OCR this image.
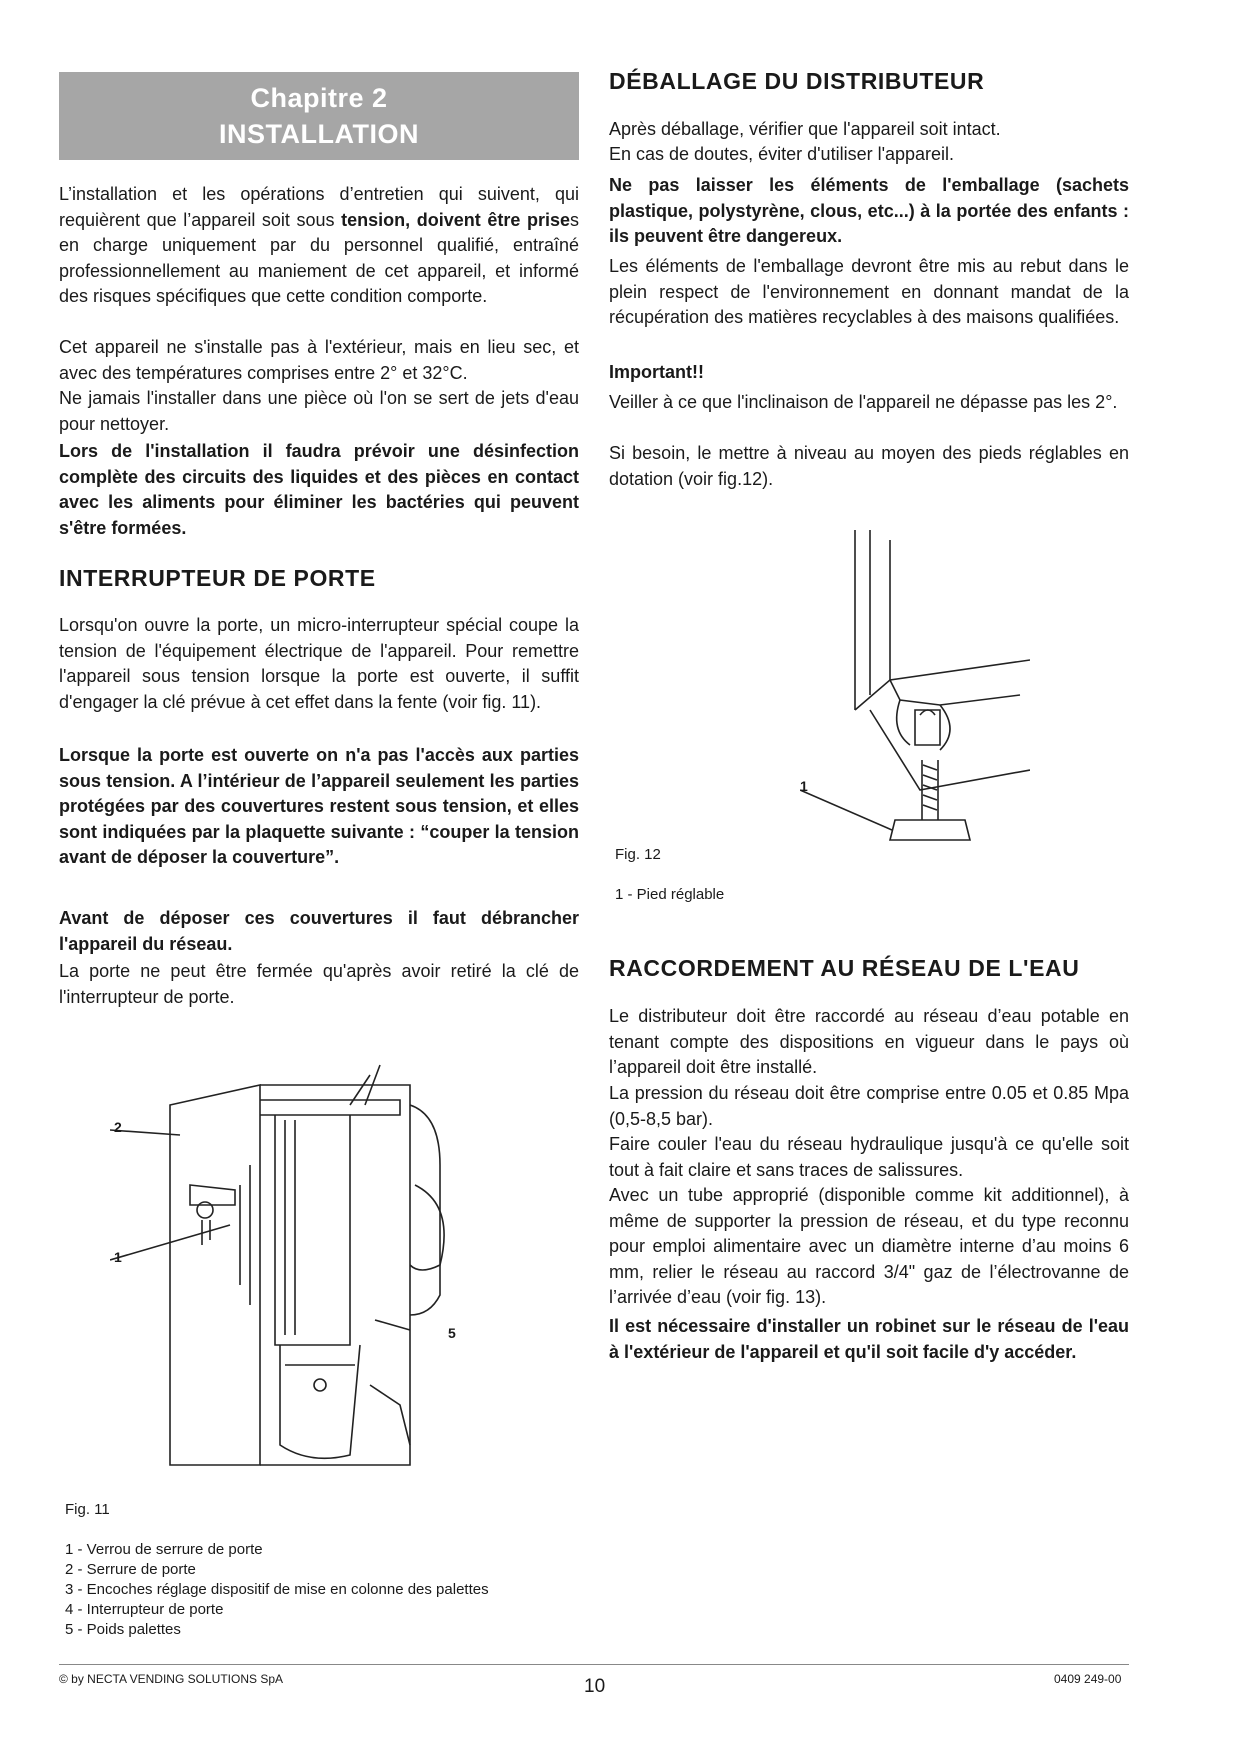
Chapitre 2
INSTALLATION

L’installation et les opérations d’entretien qui suivent, qui requièrent que l’appareil soit sous tension, doivent être prises en charge uniquement par du personnel qualifié, entraîné professionnellement au maniement de cet appareil, et informé des risques spécifiques que cette condition comporte.

Cet appareil ne s'installe pas à l'extérieur, mais en lieu sec, et avec des températures comprises entre 2° et 32°C.

Ne jamais l'installer dans une pièce où l'on se sert de jets d'eau pour nettoyer.

Lors de l'installation il faudra prévoir une désinfection complète des circuits des liquides et des pièces en contact avec les aliments pour éliminer les bactéries qui peuvent s'être formées.

INTERRUPTEUR DE PORTE

Lorsqu'on ouvre la porte, un micro-interrupteur spécial coupe la tension de l'équipement électrique de l'appareil. Pour remettre l'appareil sous tension lorsque la porte est ouverte, il suffit d'engager la clé prévue à cet effet dans la fente (voir fig. 11).

Lorsque la porte est ouverte on n'a pas l'accès aux parties sous tension. A l’intérieur de l’appareil seulement les parties protégées par des couvertures restent sous tension, et elles sont indiquées par la plaquette suivante : “couper la tension avant de déposer la couverture”.

Avant de déposer ces couvertures il faut débrancher l'appareil du réseau.

La porte ne peut être fermée qu'après avoir retiré la clé de l'interrupteur de porte.

2
1
5

Fig. 11

1 - Verrou de serrure de porte
2 - Serrure de porte
3 - Encoches réglage dispositif de mise en colonne des palettes
4 - Interrupteur de porte
5 - Poids palettes
DÉBALLAGE DU DISTRIBUTEUR

Après déballage, vérifier que l'appareil soit intact.

En cas de doutes, éviter d'utiliser l'appareil.

Ne pas laisser les éléments de l'emballage (sachets plastique, polystyrène, clous, etc...) à la portée des enfants : ils peuvent être dangereux.

Les éléments de l'emballage devront être mis au rebut dans le plein respect de l'environnement en donnant mandat de la récupération des matières recyclables à des maisons qualifiées.

Important!!

Veiller à ce que l'inclinaison de l'appareil ne dépasse pas les 2°.

Si besoin, le mettre à niveau au moyen des pieds réglables en dotation (voir fig.12).

1

Fig. 12

1 - Pied réglable

RACCORDEMENT AU RÉSEAU DE L'EAU

Le distributeur doit être raccordé au réseau d’eau potable en tenant compte des dispositions en vigueur dans le pays où l’appareil doit être installé.

La pression du réseau doit être comprise entre 0.05 et 0.85 Mpa (0,5-8,5 bar).

Faire couler l'eau du réseau hydraulique jusqu'à ce qu'elle soit tout à fait claire et sans traces de salissures.

Avec un tube approprié (disponible comme kit additionnel), à même de supporter la pression de réseau, et du type reconnu pour emploi alimentaire avec un diamètre interne d’au moins 6 mm, relier le réseau au raccord 3/4" gaz de l’électrovanne de l’arrivée d’eau (voir fig. 13).

Il est nécessaire d'installer un robinet sur le réseau de l'eau à l'extérieur de l'appareil et qu'il soit facile d'y accéder.

© by NECTA VENDING SOLUTIONS SpA	10	0409 249-00
